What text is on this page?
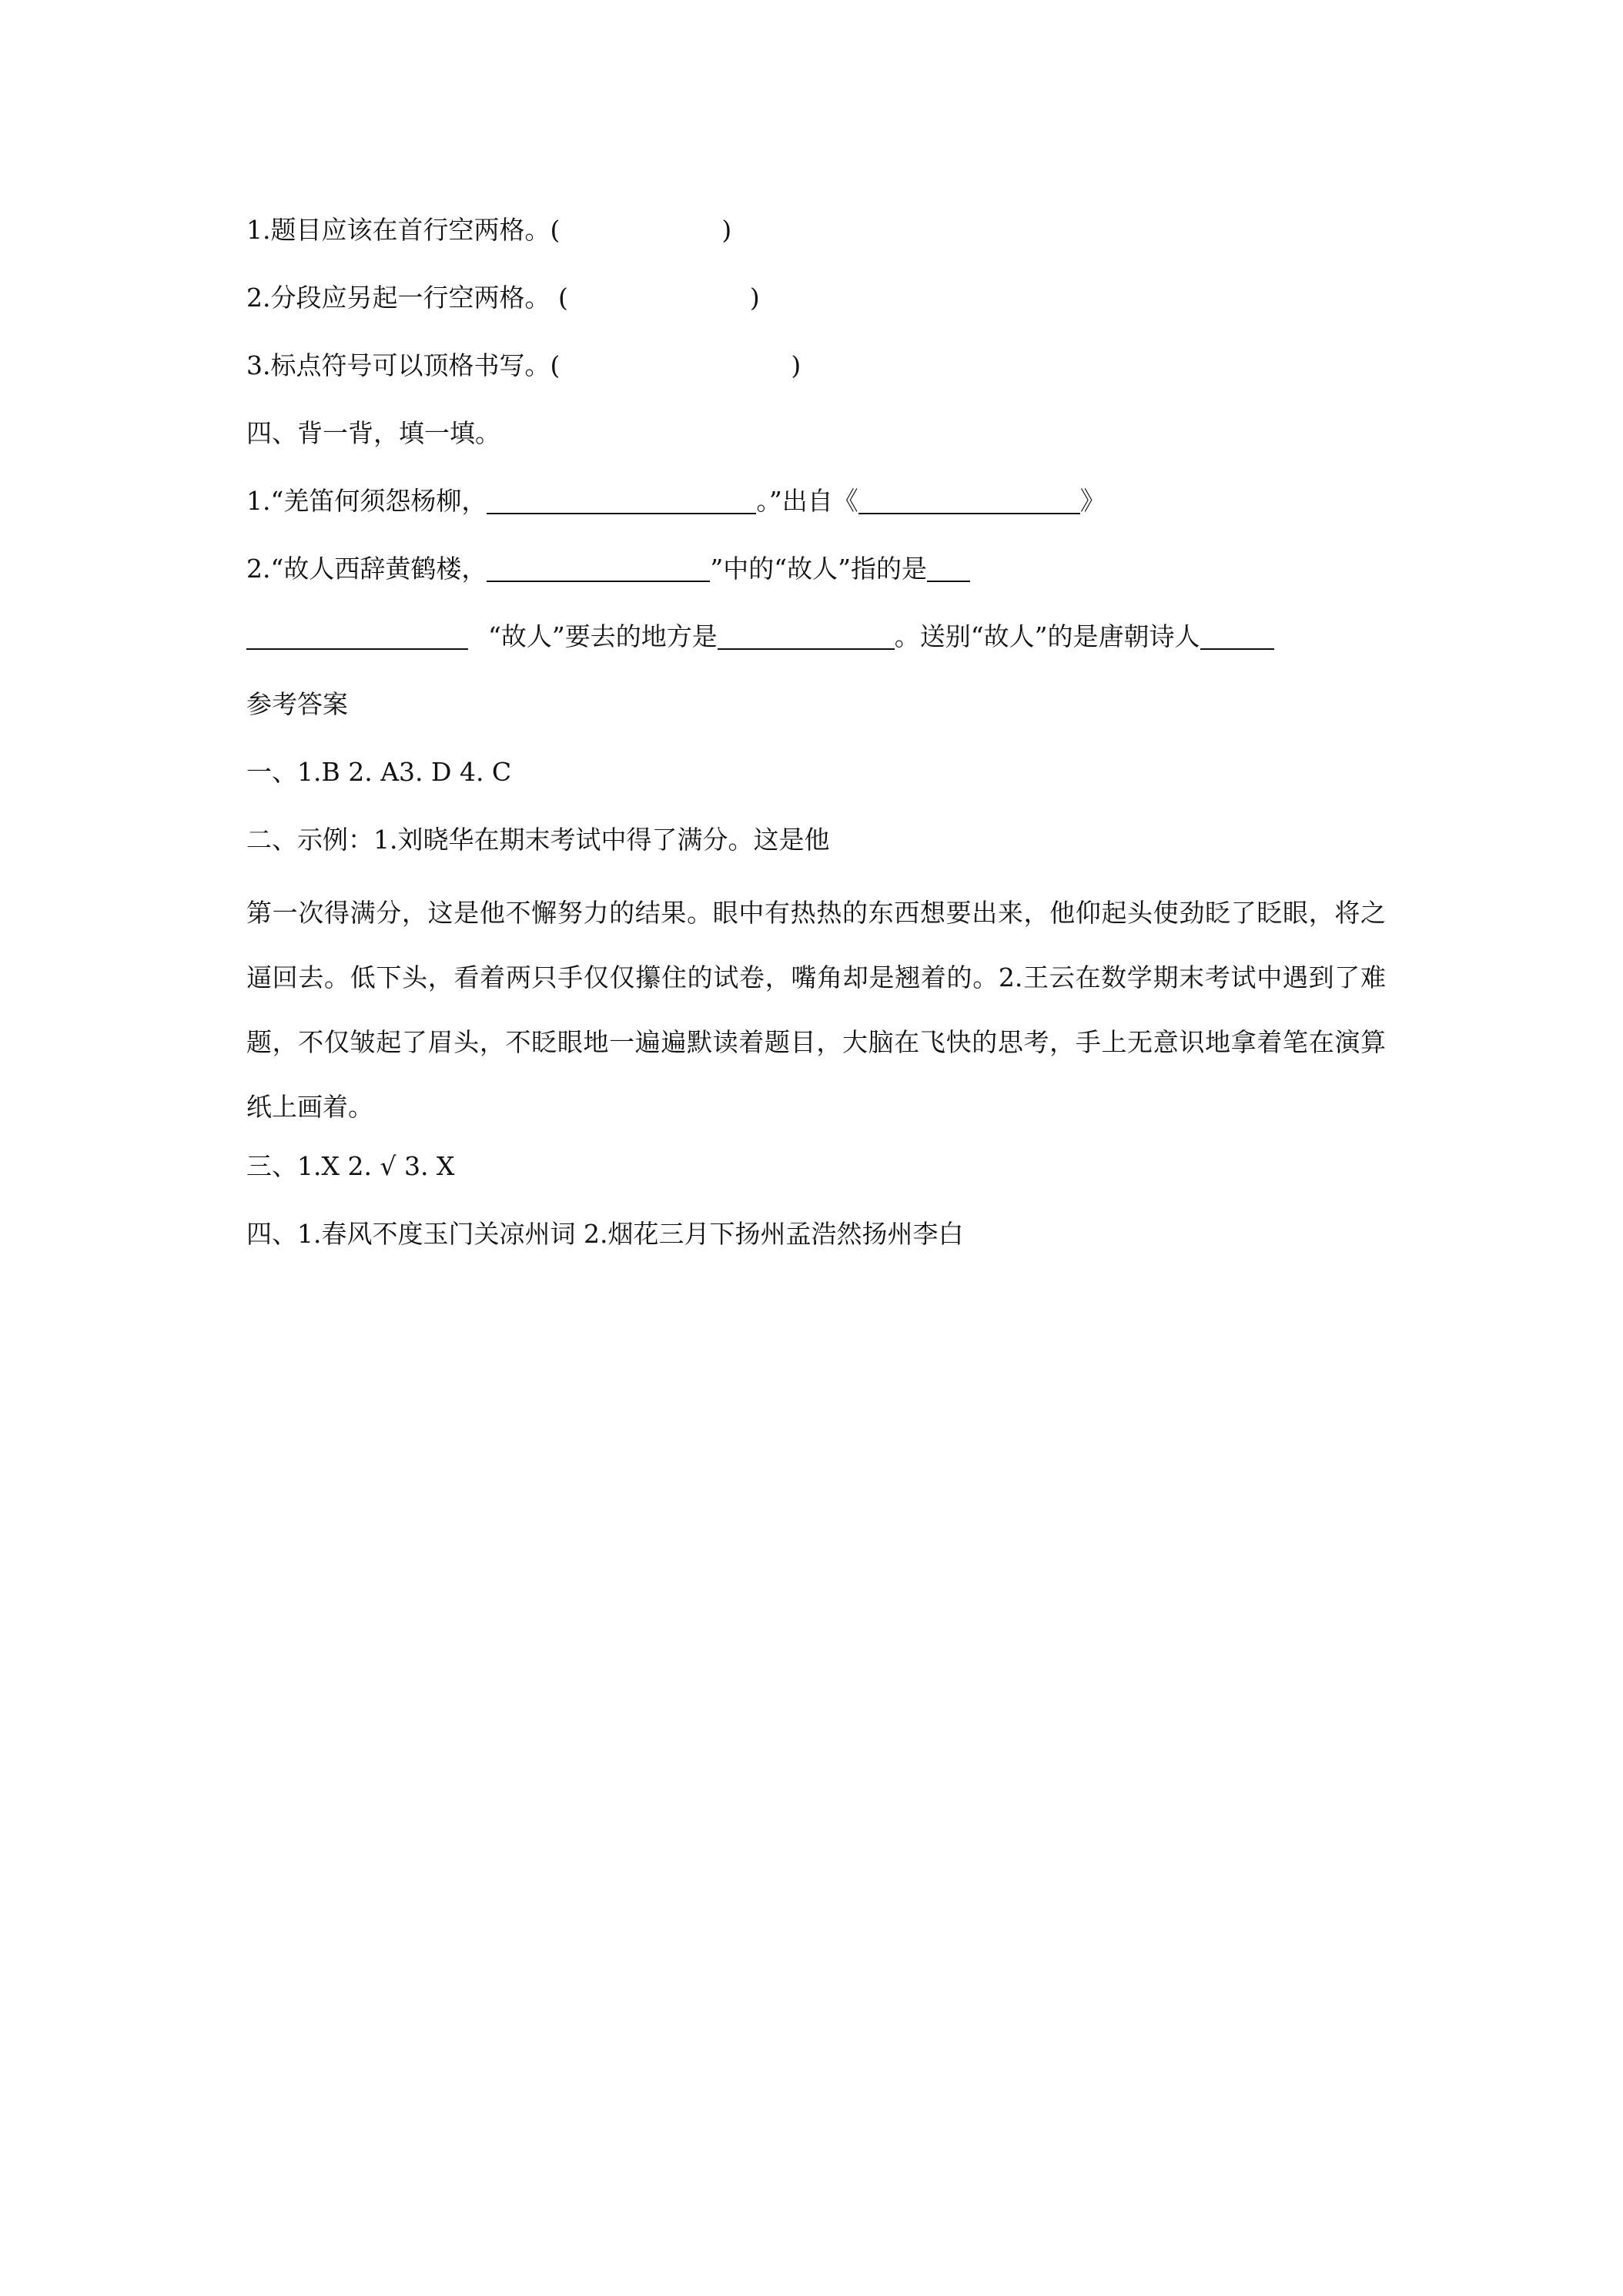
1.题目应该在首行空两格。(	)
2.分段应另起一行空两格。 (	)
3.标点符号可以顶格书写。(	)
四、背一背，填一填。
1.“羌笛何须怨杨柳，	。”出自《	》
2.“故人西辞黄鹤楼，	”中的“故人”指的是
“故人”要去的地方是	。送别“故人”的是唐朝诗人
参考答案
一、1.B 2. A3. D 4. C
二、示例：1.刘晓华在期末考试中得了满分。这是他

第一次得满分，这是他不懈努力的结果。眼中有热热的东西想要出来，他仰起头使劲眨了眨眼，将之逼回去。低下头，看着两只手仅仅攥住的试卷，嘴角却是翘着的。2.王云在数学期末考试中遇到了难题，不仅皱起了眉头，不眨眼地一遍遍默读着题目，大脑在飞快的思考，手上无意识地拿着笔在演算纸上画着。

三、1.X 2. √ 3. X
四、1.春风不度玉门关凉州词 2.烟花三月下扬州孟浩然扬州李白
